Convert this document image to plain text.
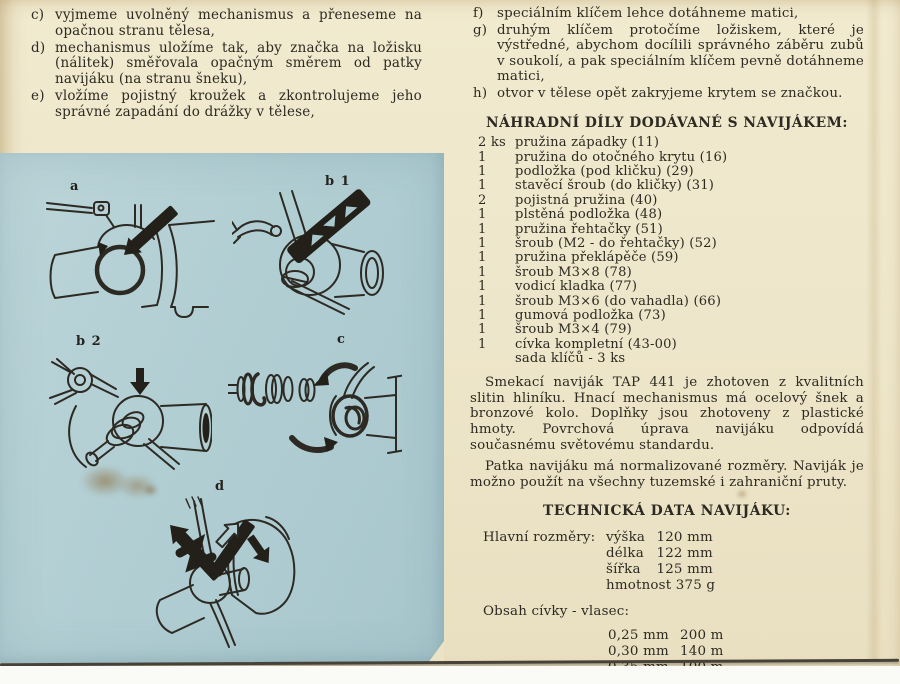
c) vyjmeme uvolněný mechanismus a přeneseme na opačnou stranu tělesa,
d) mechanismus uložíme tak, aby značka na ložisku (nálitek) směřovala opačným směrem od patky navijáku (na stranu šneku),
e) vložíme pojistný kroužek a zkontrolujeme jeho správné zapadání do drážky v tělese,
a	b 1
b 2	c
d
f) speciálním klíčem lehce dotáhneme matici,
g) druhým klíčem protočíme ložiskem, které je výstředné, abychom docílili správného záběru zubů v soukolí, a pak speciálním klíčem pevně dotáhneme matici,
h) otvor v tělese opět zakryjeme krytem se značkou.
NÁHRADNÍ DÍLY DODÁVANÉ S NAVIJÁKEM:
2 ks pružina západky (11)
1	pružina do otočného krytu (16)
1	podložka (pod kličku) (29)
1	stavěcí šroub (do kličky) (31)
2	pojistná pružina (40)
1	plstěná podložka (48)
1	pružina řehtačky (51)
1	šroub (M2 - do řehtačky) (52)
1	pružina překlápěče (59)
1	šroub M3×8 (78)
1	vodicí kladka (77)
1	šroub M3×6 (do vahadla) (66)
1	gumová podložka (73)
1	šroub M3×4 (79)
1	cívka kompletní (43-00)
sada klíčů - 3 ks
Smekací naviják TAP 441 je zhotoven z kvalitních slitin hliníku. Hnací mechanismus má ocelový šnek a bronzové kolo. Doplňky jsou zhotoveny z plastické hmoty. Povrchová úprava navijáku odpovídá současnému světovému standardu.
Patka navijáku má normalizované rozměry. Naviják je možno použít na všechny tuzemské i zahraniční pruty.
TECHNICKÁ DATA NAVIJÁKU:
Hlavní rozměry: výška 120 mm
délka 122 mm
šířka 125 mm
hmotnost 375 g
Obsah cívky - vlasec:
0,25 mm 200 m
0,30 mm 140 m
